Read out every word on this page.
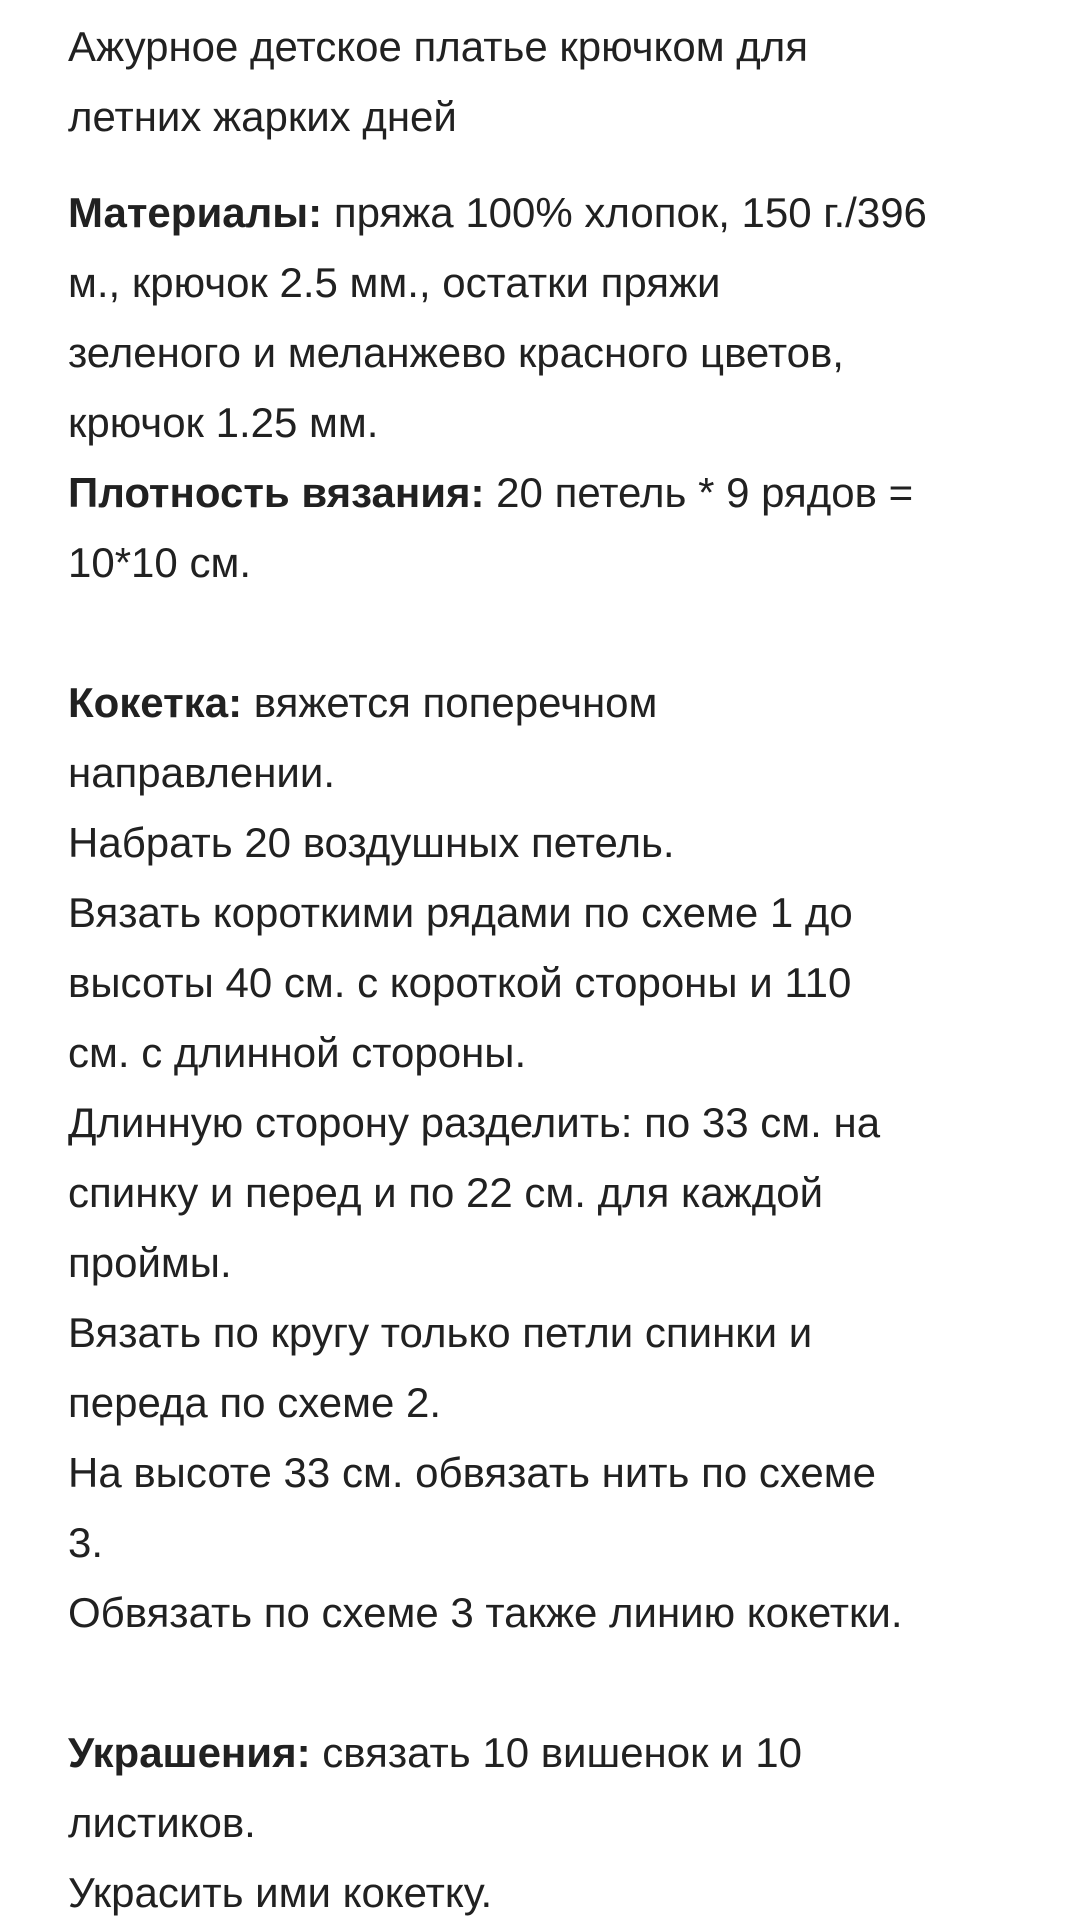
Ажурное детское платье крючком для
летних жарких дней
Материалы: пряжа 100% хлопок, 150 г./396
м., крючок 2.5 мм., остатки пряжи
зеленого и меланжево красного цветов,
крючок 1.25 мм.
Плотность вязания: 20 петель * 9 рядов =
10*10 см.
Кокетка: вяжется поперечном
направлении.
Набрать 20 воздушных петель.
Вязать короткими рядами по схеме 1 до
высоты 40 см. с короткой стороны и 110
см. с длинной стороны.
Длинную сторону разделить: по 33 см. на
спинку и перед и по 22 см. для каждой
проймы.
Вязать по кругу только петли спинки и
переда по схеме 2.
На высоте 33 см. обвязать нить по схеме
3.
Обвязать по схеме 3 также линию кокетки.
Украшения: связать 10 вишенок и 10
листиков.
Украсить ими кокетку.
